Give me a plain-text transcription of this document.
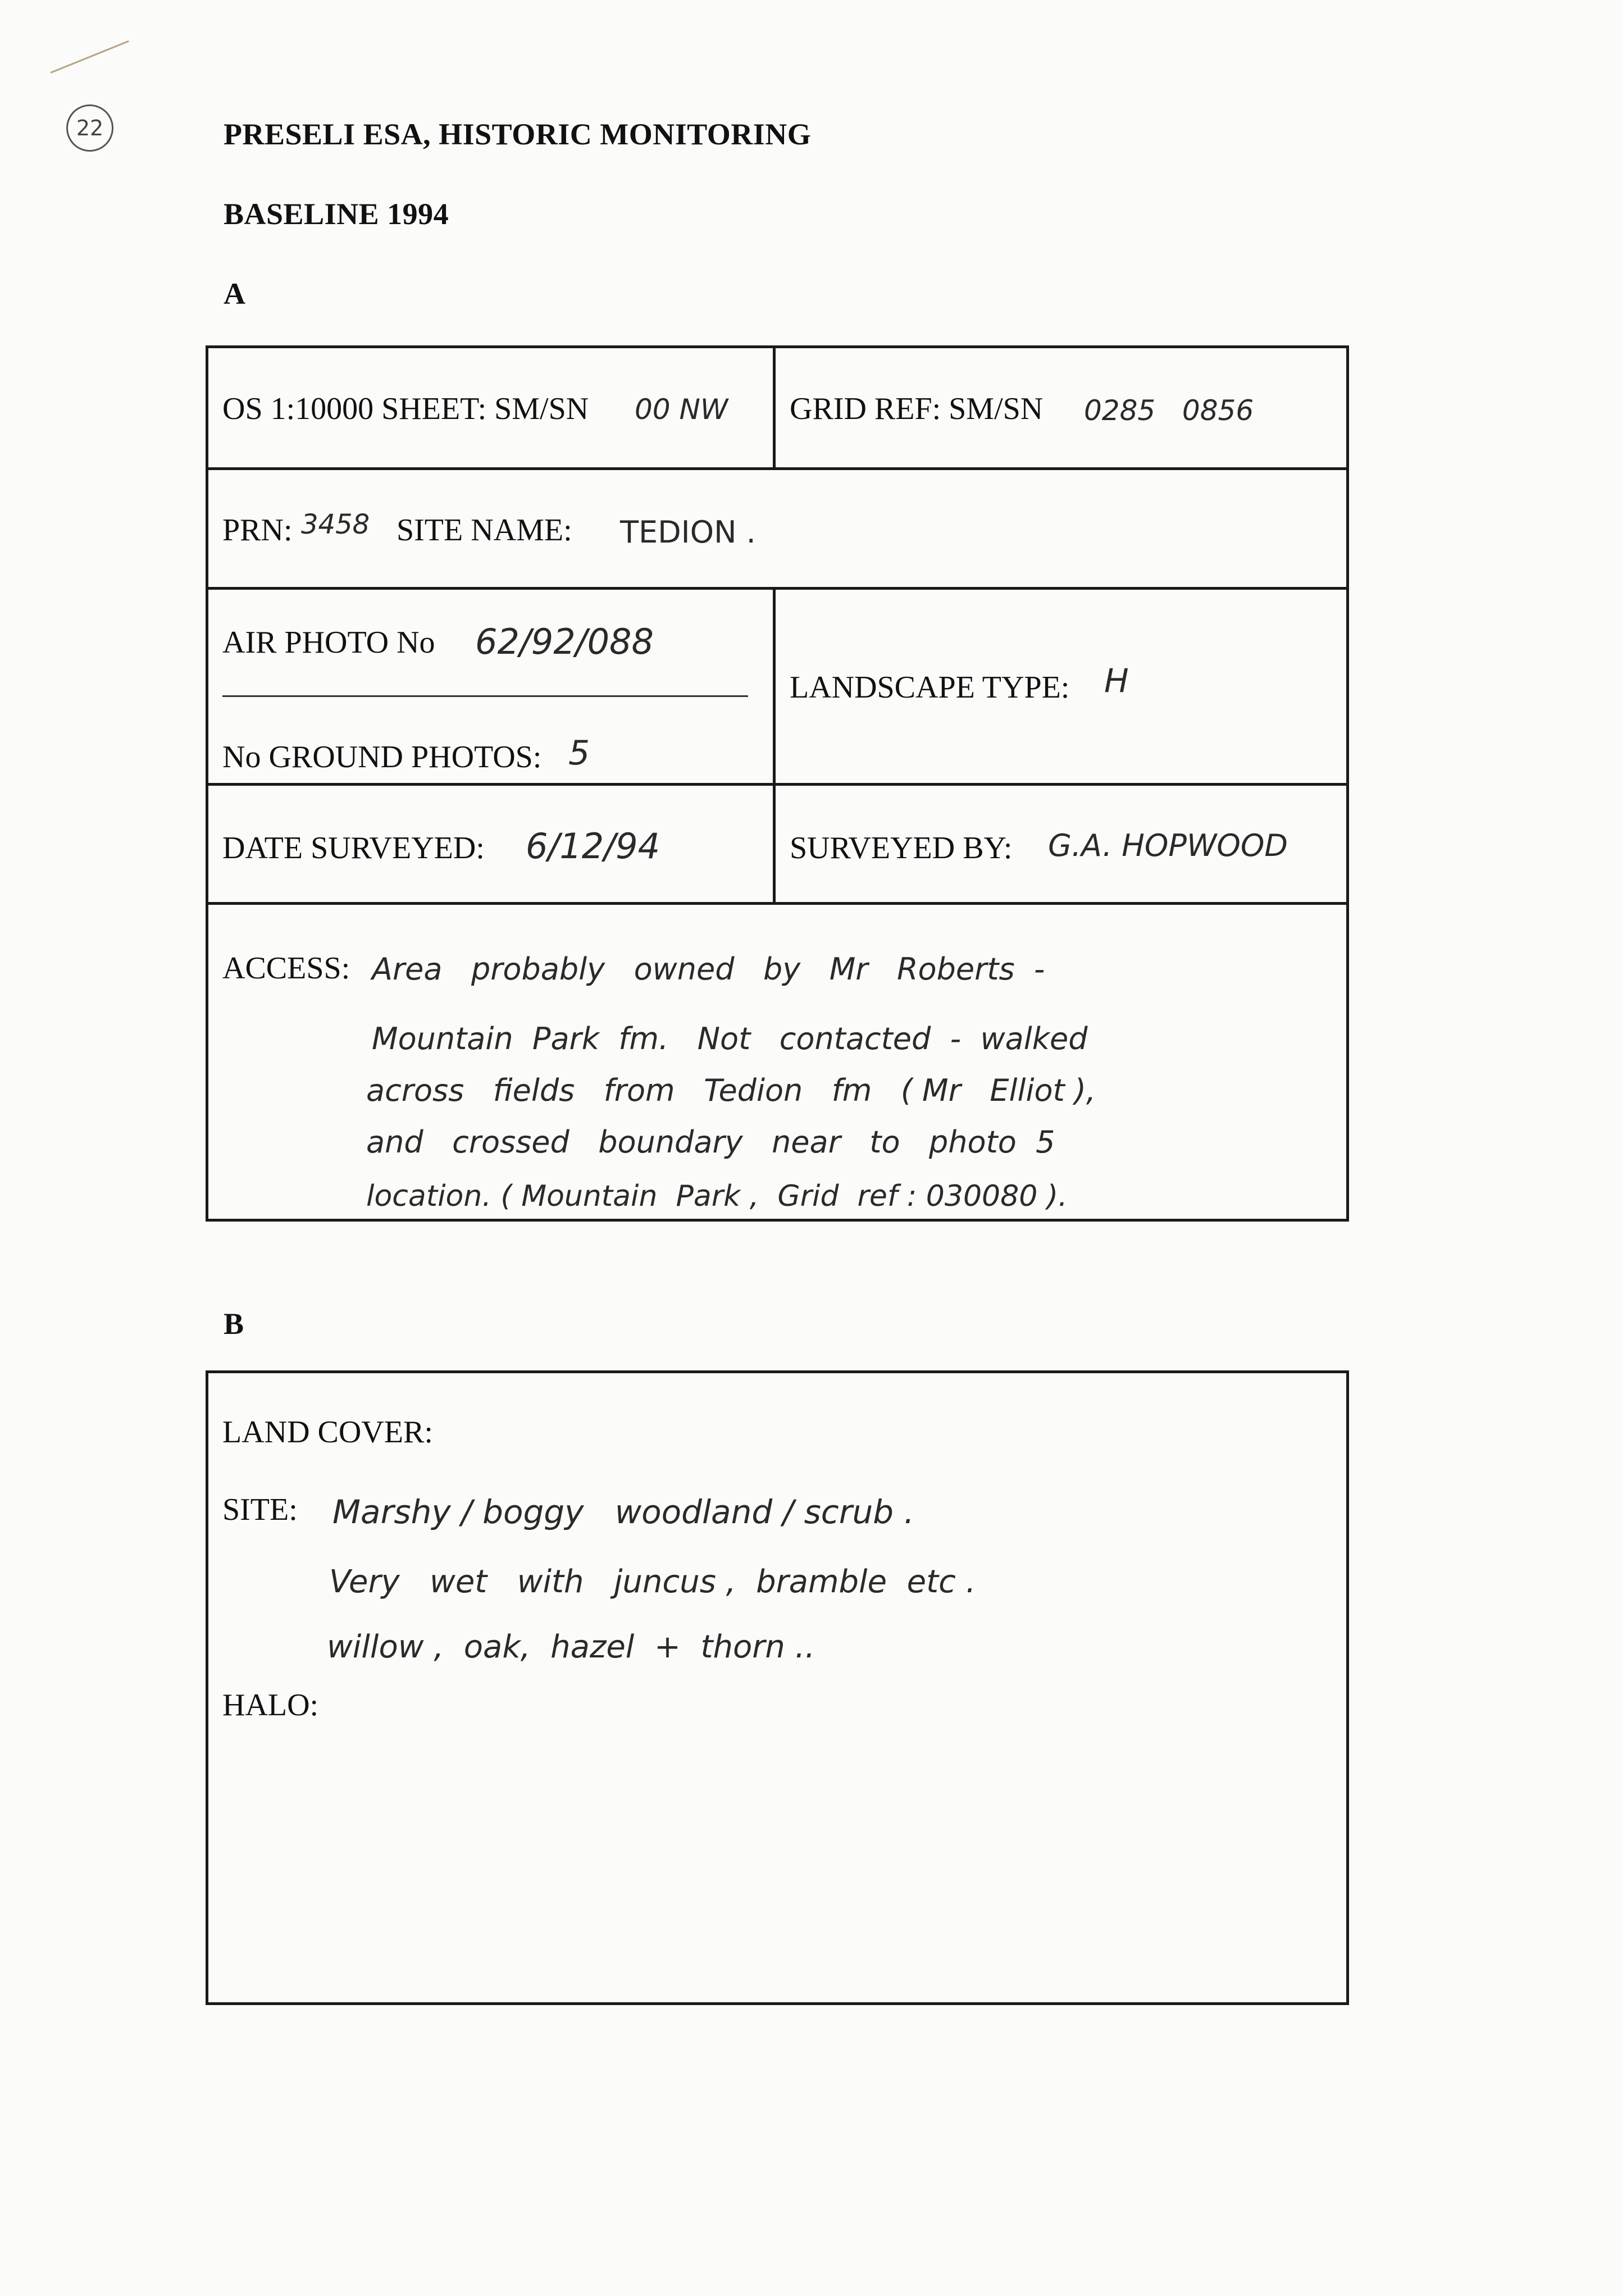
22	PRESELI ESA, HISTORIC MONITORING
BASELINE 1994
A
OS 1:10000 SHEET: SM/SN 00 NW GRID REF: SM/SN 0285   0856
PRN: 3458 SITE NAME: TEDION .
AIR PHOTO No 62/92/088
No GROUND PHOTOS: 5
LANDSCAPE TYPE: H
DATE SURVEYED: 6/12/94	SURVEYED BY: G.A. HOPWOOD
ACCESS: Area   probably   owned   by   Mr   Roberts  -
Mountain  Park  fm.   Not   contacted  -  walked
across   fields   from   Tedion   fm   ( Mr   Elliot ),
and   crossed   boundary   near   to   photo  5
location. ( Mountain  Park ,  Grid  ref : 030080 ).
B
LAND COVER:
SITE: Marshy / boggy   woodland / scrub .
Very   wet   with   juncus ,  bramble  etc .
willow ,  oak,  hazel  +  thorn ..
HALO:
